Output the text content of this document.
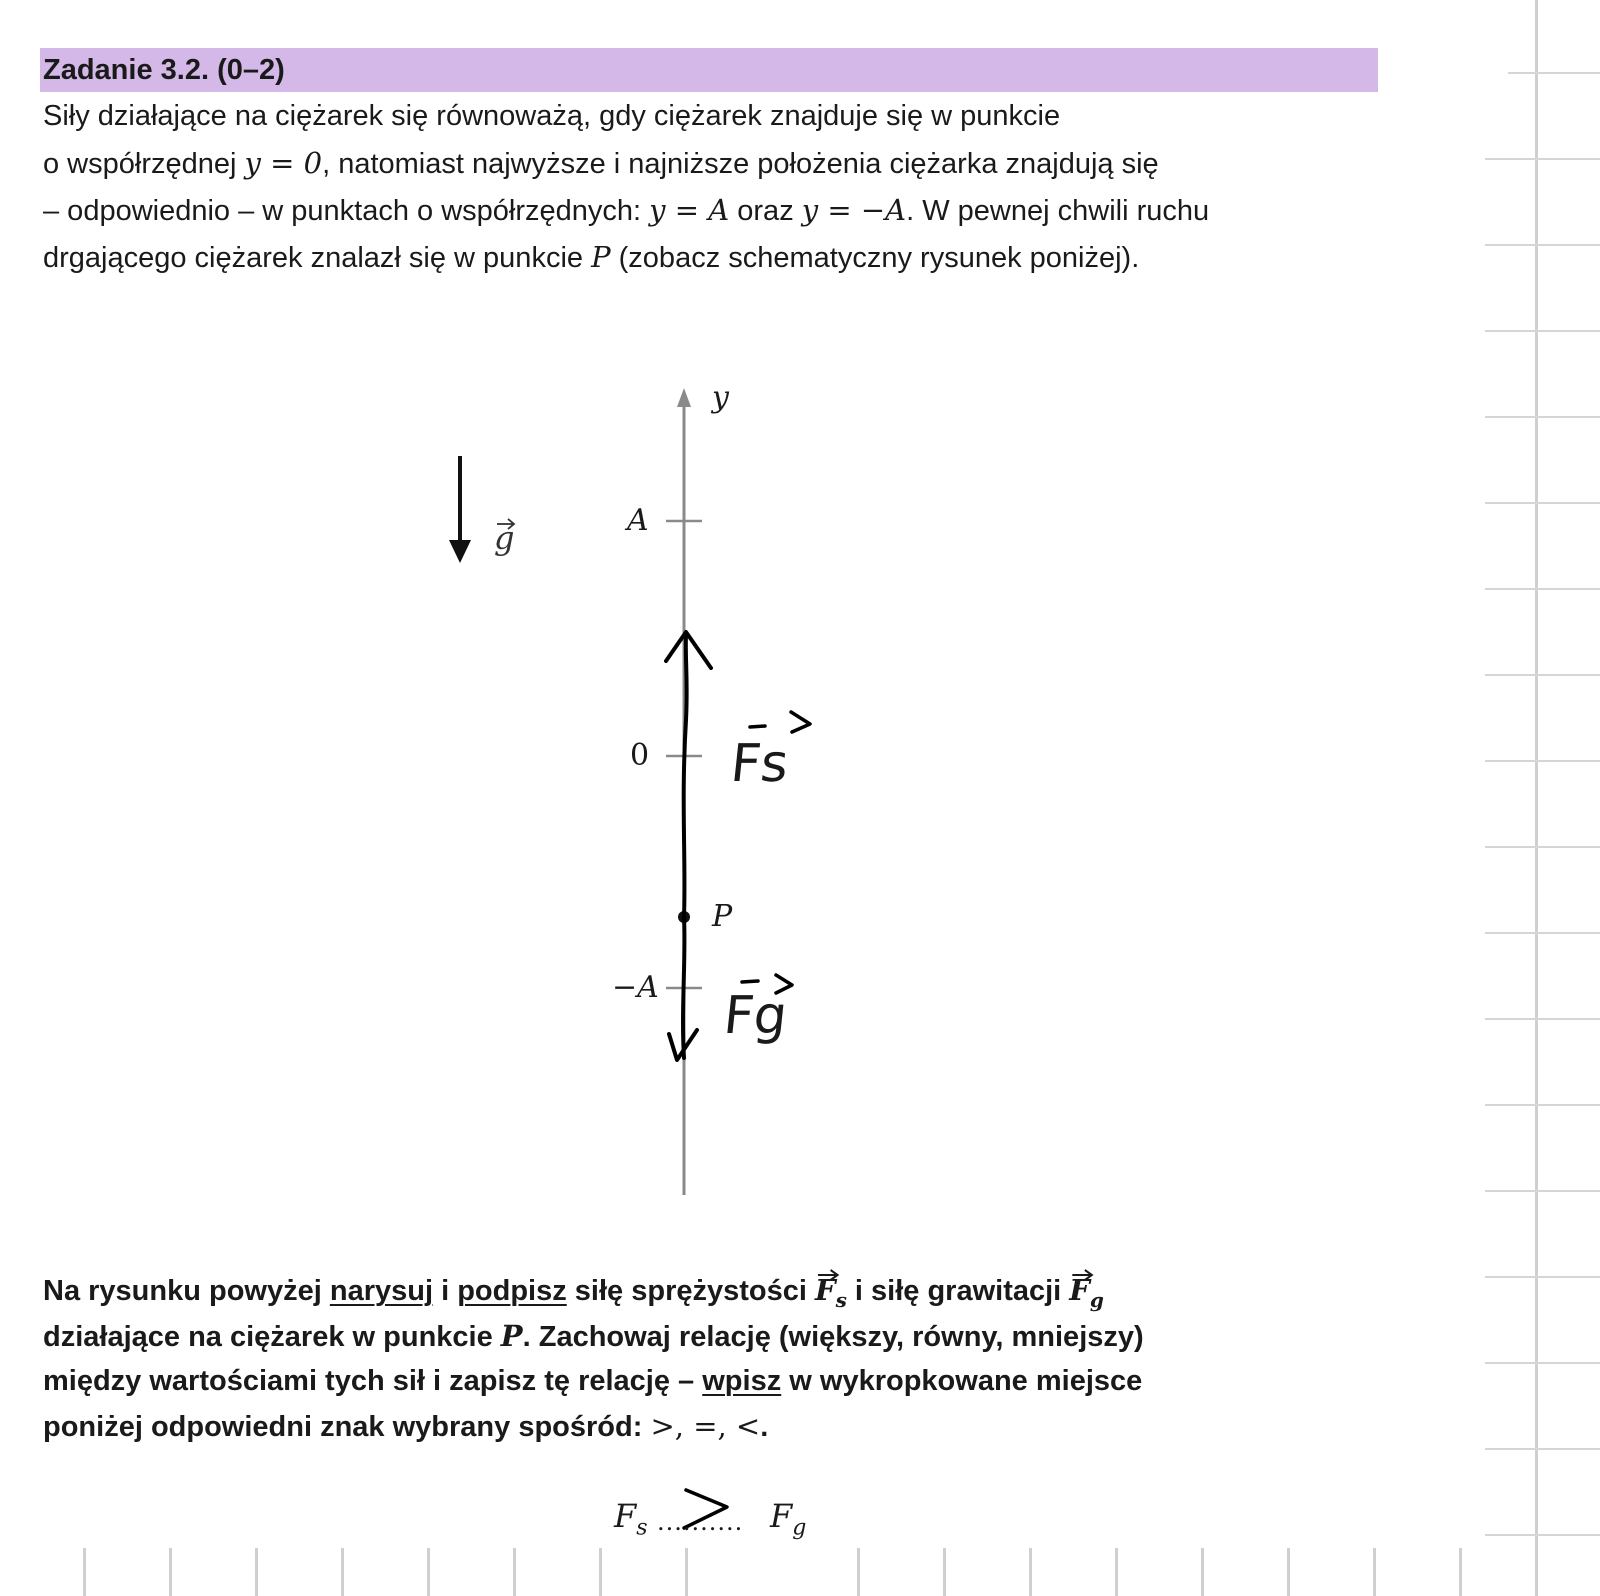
Zadanie 3.2. (0–2)
Siły działające na ciężarek się równoważą, gdy ciężarek znajduje się w punkcie
o współrzędnej y = 0, natomiast najwyższe i najniższe położenia ciężarka znajdują się
– odpowiednio – w punktach o współrzędnych: y = A oraz y = −A. W pewnej chwili ruchu
drgającego ciężarek znalazł się w punkcie P (zobacz schematyczny rysunek poniżej).
g
y
A
0
−A
P
Fs
Fg
Na rysunku powyżej narysuj i podpisz siłę sprężystości $F_s$ i siłę grawitacji $F_g$
działające na ciężarek w punkcie P. Zachowaj relację (większy, równy, mniejszy)
między wartościami tych sił i zapisz tę relację – wpisz w wykropkowane miejsce
poniżej odpowiedni znak wybrany spośród: >, =, <.
$F_s$ .......... $F_g$
